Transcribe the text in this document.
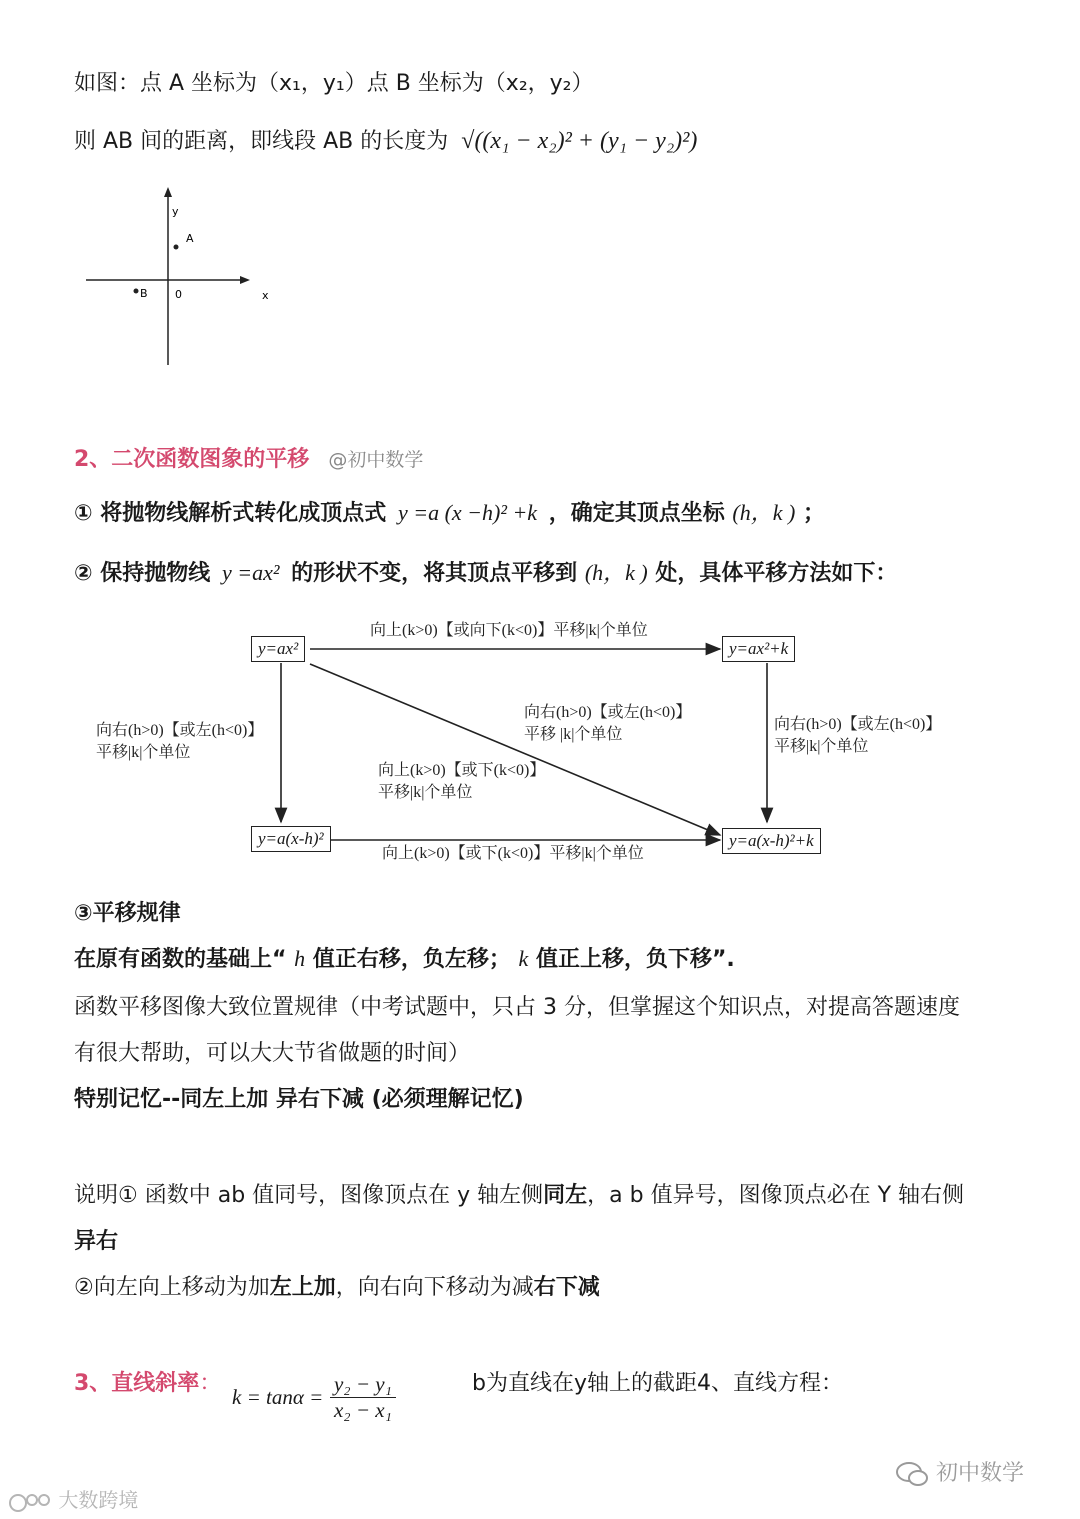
如图：点 A 坐标为（x₁，y₁）点 B 坐标为（x₂，y₂）
则 AB 间的距离，即线段 AB 的长度为 √((x₁ − x₂)² + (y₁ − y₂)²)
y
A
B 0	x
2、二次函数图象的平移 @初中数学
① 将抛物线解析式转化成顶点式 y =a (x −h)² +k ，确定其顶点坐标 (h，k ) ；
② 保持抛物线 y =ax² 的形状不变，将其顶点平移到 (h，k ) 处，具体平移方法如下：
y=ax²	y=ax²+k
y=a(x-h)²	y=a(x-h)²+k
向上(k>0)【或向下(k<0)】平移|k|个单位
向右(h>0)【或左(h<0)】
平移|k|个单位
向右(h>0)【或左(h<0)】
平移|k|个单位
向右(h>0)【或左(h<0)】
平移 |k|个单位
向上(k>0)【或下(k<0)】
平移|k|个单位
向上(k>0)【或下(k<0)】平移|k|个单位
③平移规律
在原有函数的基础上“ h 值正右移，负左移； k 值正上移，负下移”.
函数平移图像大致位置规律（中考试题中，只占 3 分，但掌握这个知识点，对提高答题速度
有很大帮助，可以大大节省做题的时间）
特别记忆--同左上加 异右下减 (必须理解记忆)
说明① 函数中 ab 值同号，图像顶点在 y 轴左侧同左，a b 值异号，图像顶点必在 Y 轴右侧
异右
②向左向上移动为加左上加，向右向下移动为减右下减
3、直线斜率：
$k = \tan\alpha = \frac{\text{y₂ − y₁}}{\text{x₂ − x₁}}$	b为直线在y轴上的截距4、直线方程：
初中数学
大数跨境
